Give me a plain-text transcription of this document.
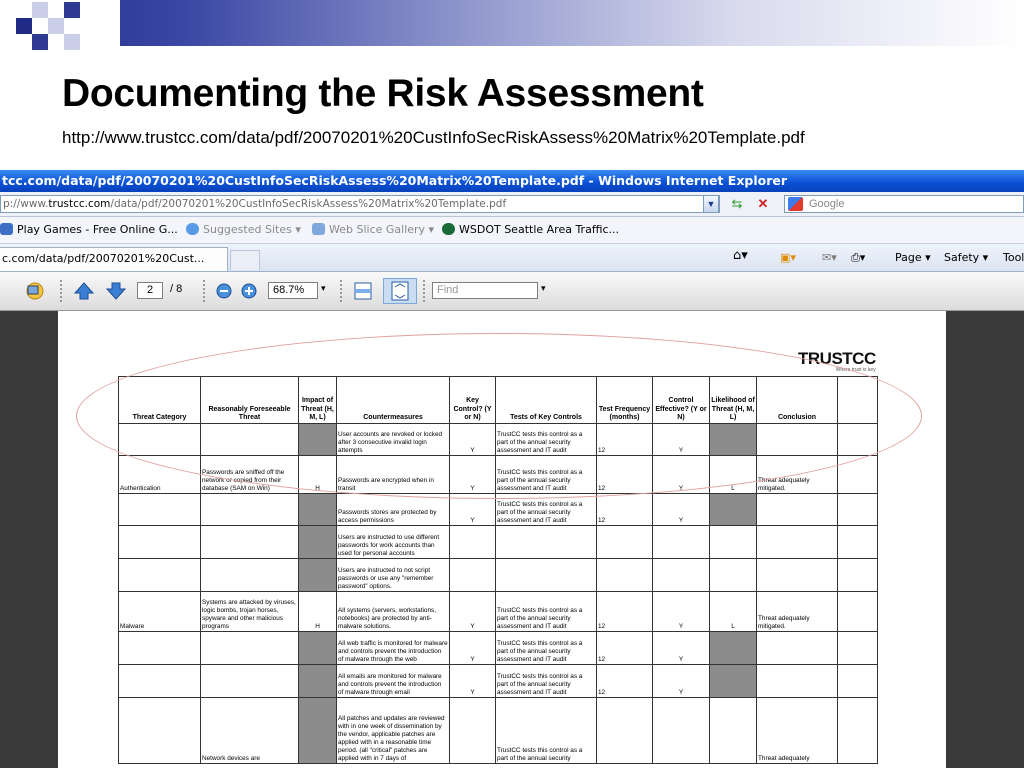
Documenting the Risk Assessment
http://www.trustcc.com/data/pdf/20070201%20CustInfoSecRiskAssess%20Matrix%20Template.pdf
tcc.com/data/pdf/20070201%20CustInfoSecRiskAssess%20Matrix%20Template.pdf - Windows Internet Explorer
p://www.trustcc.com/data/pdf/20070201%20CustInfoSecRiskAssess%20Matrix%20Template.pdf	▼	⇆	✕	Google
Play Games - Free Online G...	Suggested Sites ▾	Web Slice Gallery ▾	WSDOT Seattle Area Traffic...
c.com/data/pdf/20070201%20Cust...	⌂▾	▣▾ ✉▾ ⎙▾	Page ▾ Safety ▾ Tool
2	/ 8	68.7%	▾	Find	▾
TRUSTCC
Where trust is key
Threat Category	Reasonably Foreseeable Threat	Impact of Threat (H, M, L)	Countermeasures	Key Control? (Y or N)	Tests of Key Controls	Test Frequency (months)	Control Effective? (Y or N)	Likelihood of Threat (H, M, L)	Conclusion	
			User accounts are revoked or locked after 3 consecutive invalid login attempts	Y	TrustCC tests this control as a part of the annual security assessment and IT audit	12	Y			
Authentication	Passwords are sniffed off the network or copied from their database (SAM on Win)	H	Passwords are encrypted when in transit	Y	TrustCC tests this control as a part of the annual security assessment and IT audit	12	Y	L	Threat adequately mitigated.	
			Passwords stores are protected by access permissions	Y	TrustCC tests this control as a part of the annual security assessment and IT audit	12	Y			
			Users are instructed to use different passwords for work accounts than used for personal accounts							
			Users are instructed to not script passwords or use any "remember password" options.							
Malware	Systems are attacked by viruses, logic bombs, trojan horses, spyware and other malicious programs	H	All systems (servers, workstations, notebooks) are protected by anti-malware solutions.	Y	TrustCC tests this control as a part of the annual security assessment and IT audit	12	Y	L	Threat adequately mitigated.	
			All web traffic is monitored for malware and controls prevent the introduction of malware through the web	Y	TrustCC tests this control as a part of the annual security assessment and IT audit	12	Y			
			All emails are monitored for malware and controls prevent the introduction of malware through email	Y	TrustCC tests this control as a part of the annual security assessment and IT audit	12	Y			
	Network devices are		All patches and updates are reviewed with in one week of dissemination by the vendor, applicable patches are applied with in a reasonable time period. (all "critical" patches are applied with in 7 days of		TrustCC tests this control as a part of the annual security				Threat adequately	
